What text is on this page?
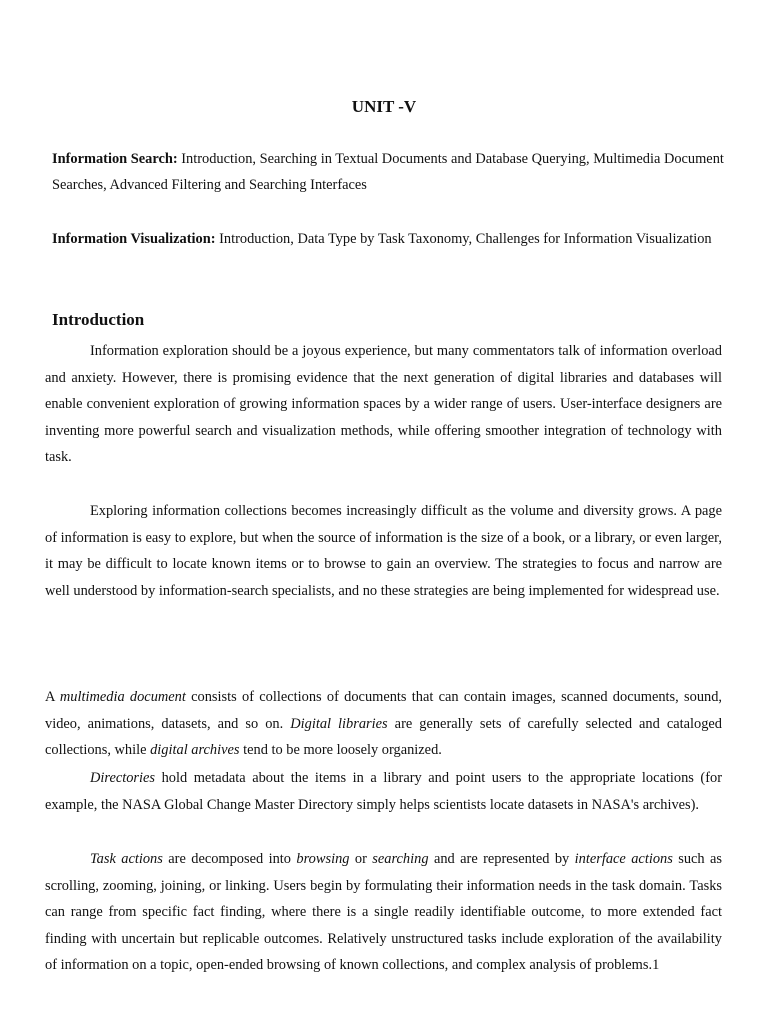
UNIT -V

Information Search: Introduction, Searching in Textual Documents and Database Querying, Multimedia Document Searches, Advanced Filtering and Searching Interfaces

Information Visualization: Introduction, Data Type by Task Taxonomy, Challenges for Information Visualization

Introduction

Information exploration should be a joyous experience, but many commentators talk of information overload and anxiety. However, there is promising evidence that the next generation of digital libraries and databases will enable convenient exploration of growing information spaces by a wider range of users. User-interface designers are inventing more powerful search and visualization methods, while offering smoother integration of technology with task.

Exploring information collections becomes increasingly difficult as the volume and diversity grows. A page of information is easy to explore, but when the source of information is the size of a book, or a library, or even larger, it may be difficult to locate known items or to browse to gain an overview. The strategies to focus and narrow are well understood by information-search specialists, and no these strategies are being implemented for widespread use.

A multimedia document consists of collections of documents that can contain images, scanned documents, sound, video, animations, datasets, and so on. Digital libraries are generally sets of carefully selected and cataloged collections, while digital archives tend to be more loosely organized.

Directories hold metadata about the items in a library and point users to the appropriate locations (for example, the NASA Global Change Master Directory simply helps scientists locate datasets in NASA's archives).

Task actions are decomposed into browsing or searching and are represented by interface actions such as scrolling, zooming, joining, or linking. Users begin by formulating their information needs in the task domain. Tasks can range from specific fact finding, where there is a single readily identifiable outcome, to more extended fact finding with uncertain but replicable outcomes. Relatively unstructured tasks include exploration of the availability of information on a topic, open-ended browsing of known collections, and complex analysis of problems.1
